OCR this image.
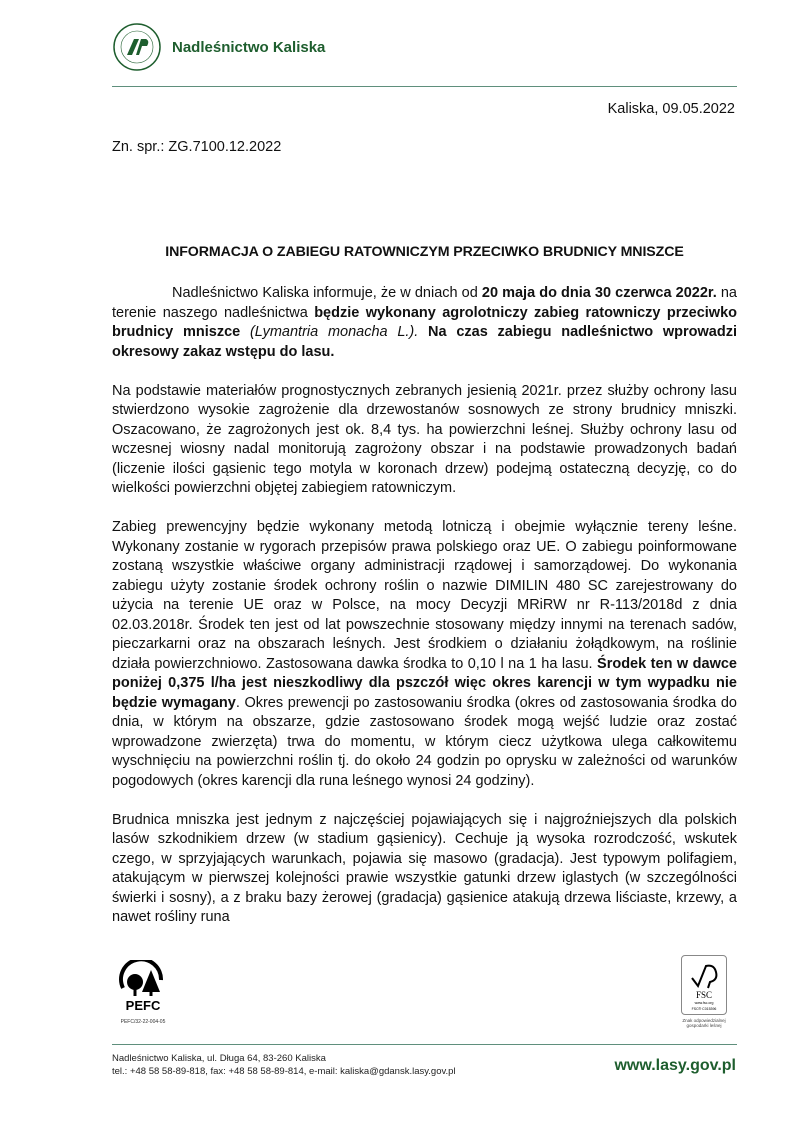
Nadleśnictwo Kaliska
Kaliska, 09.05.2022
Zn. spr.: ZG.7100.12.2022
INFORMACJA O ZABIEGU RATOWNICZYM PRZECIWKO BRUDNICY MNISZCE

Nadleśnictwo Kaliska informuje, że w dniach od 20 maja do dnia 30 czerwca 2022r. na terenie naszego nadleśnictwa będzie wykonany agrolotniczy zabieg ratowniczy przeciwko brudnicy mniszce (Lymantria monacha L.). Na czas zabiegu nadleśnictwo wprowadzi okresowy zakaz wstępu do lasu.

Na podstawie materiałów prognostycznych zebranych jesienią 2021r. przez służby ochrony lasu stwierdzono wysokie zagrożenie dla drzewostanów sosnowych ze strony brudnicy mniszki. Oszacowano, że zagrożonych jest ok. 8,4 tys. ha powierzchni leśnej. Służby ochrony lasu od wczesnej wiosny nadal monitorują zagrożony obszar i na podstawie prowadzonych badań (liczenie ilości gąsienic tego motyla w koronach drzew) podejmą ostateczną decyzję, co do wielkości powierzchni objętej zabiegiem ratowniczym.

Zabieg prewencyjny będzie wykonany metodą lotniczą i obejmie wyłącznie tereny leśne. Wykonany zostanie w rygorach przepisów prawa polskiego oraz UE. O zabiegu poinformowane zostaną wszystkie właściwe organy administracji rządowej i samorządowej. Do wykonania zabiegu użyty zostanie środek ochrony roślin o nazwie DIMILIN 480 SC zarejestrowany do użycia na terenie UE oraz w Polsce, na mocy Decyzji MRiRW nr R-113/2018d z dnia 02.03.2018r. Środek ten jest od lat powszechnie stosowany między innymi na terenach sadów, pieczarkarni oraz na obszarach leśnych. Jest środkiem o działaniu żołądkowym, na roślinie działa powierzchniowo. Zastosowana dawka środka to 0,10 l na 1 ha lasu. Środek ten w dawce poniżej 0,375 l/ha jest nieszkodliwy dla pszczół więc okres karencji w tym wypadku nie będzie wymagany. Okres prewencji po zastosowaniu środka (okres od zastosowania środka do dnia, w którym na obszarze, gdzie zastosowano środek mogą wejść ludzie oraz zostać wprowadzone zwierzęta) trwa do momentu, w którym ciecz użytkowa ulega całkowitemu wyschnięciu na powierzchni roślin tj. do około 24 godzin po oprysku w zależności od warunków pogodowych (okres karencji dla runa leśnego wynosi 24 godziny).

Brudnica mniszka jest jednym z najczęściej pojawiających się i najgroźniejszych dla polskich lasów szkodnikiem drzew (w stadium gąsienicy). Cechuje ją wysoka rozrodczość, wskutek czego, w sprzyjających warunkach, pojawia się masowo (gradacja). Jest typowym polifagiem, atakującym w pierwszej kolejności prawie wszystkie gatunki drzew iglastych (w szczególności świerki i sosny), a z braku bazy żerowej (gradacja) gąsienice atakują drzewa liściaste, krzewy, a nawet rośliny runa

PEFC
PEFC/32-22-004-05
FSC
www.fsc.org
FSC® C015396
Znak odpowiedzialnej gospodarki leśnej
Nadleśnictwo Kaliska, ul. Długa 64, 83-260 Kaliska
tel.: +48 58 58-89-818, fax: +48 58 58-89-814, e-mail: kaliska@gdansk.lasy.gov.pl	www.lasy.gov.pl
